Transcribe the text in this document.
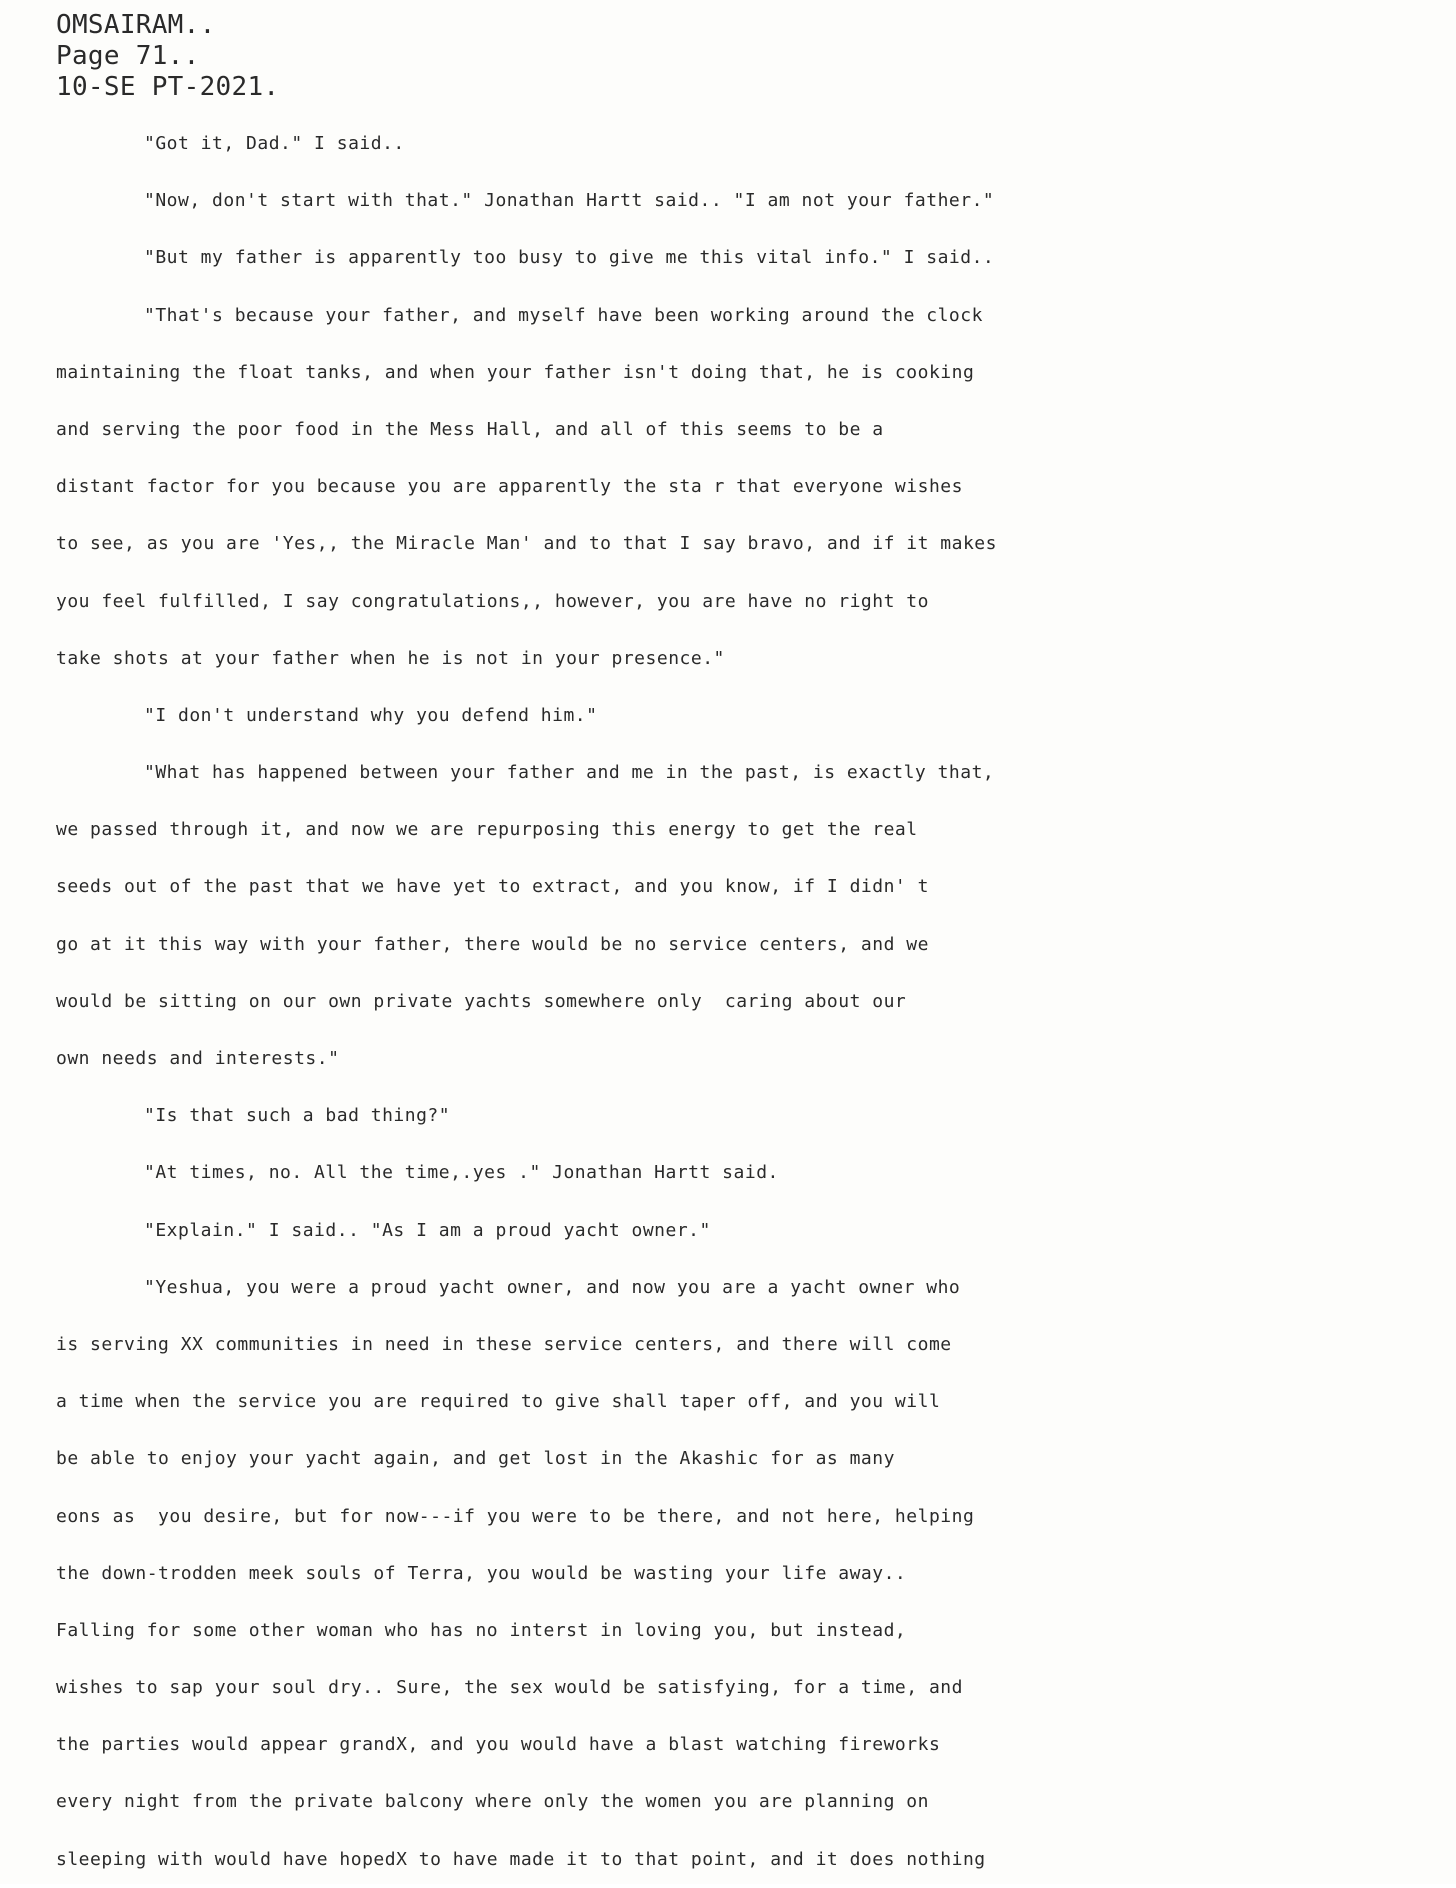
OMSAIRAM..
Page 71..
10-SE PT-2021.
"Got it, Dad." I said..
"Now, don't start with that." Jonathan Hartt said.. "I am not your father."
"But my father is apparently too busy to give me this vital info." I said..
"That's because your father, and myself have been working around the clock
maintaining the float tanks, and when your father isn't doing that, he is cooking
and serving the poor food in the Mess Hall, and all of this seems to be a
distant factor for you because you are apparently the sta r that everyone wishes
to see, as you are 'Yes,, the Miracle Man' and to that I say bravo, and if it makes
you feel fulfilled, I say congratulations,, however, you are have no right to
take shots at your father when he is not in your presence."
"I don't understand why you defend him."
"What has happened between your father and me in the past, is exactly that,
we passed through it, and now we are repurposing this energy to get the real
seeds out of the past that we have yet to extract, and you know, if I didn' t
go at it this way with your father, there would be no service centers, and we
would be sitting on our own private yachts somewhere only  caring about our
own needs and interests."
"Is that such a bad thing?"
"At times, no. All the time,.yes ." Jonathan Hartt said.
"Explain." I said.. "As I am a proud yacht owner."
"Yeshua, you were a proud yacht owner, and now you are a yacht owner who
is serving XX communities in need in these service centers, and there will come
a time when the service you are required to give shall taper off, and you will
be able to enjoy your yacht again, and get lost in the Akashic for as many
eons as  you desire, but for now---if you were to be there, and not here, helping
the down-trodden meek souls of Terra, you would be wasting your life away..
Falling for some other woman who has no interst in loving you, but instead,
wishes to sap your soul dry.. Sure, the sex would be satisfying, for a time, and
the parties would appear grandX, and you would have a blast watching fireworks
every night from the private balcony where only the women you are planning on
sleeping with would have hopedX to have made it to that point, and it does nothing
